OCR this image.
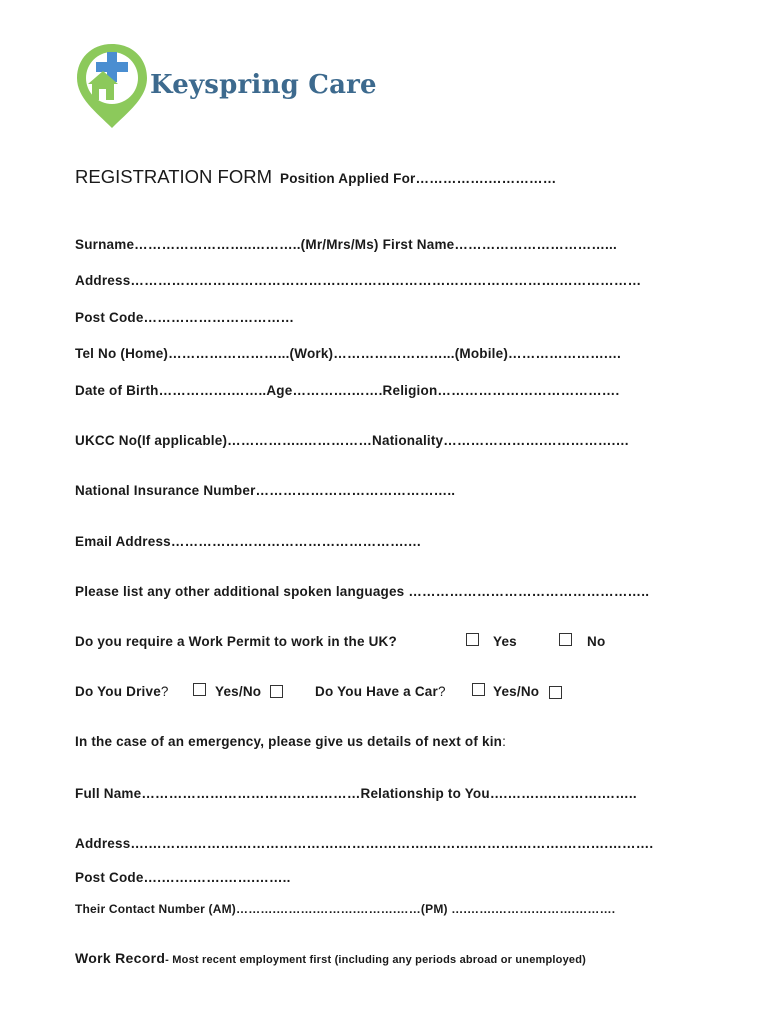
Keyspring Care
REGISTRATION FORM Position Applied For…………….……………
Surname……………………..………..(Mr/Mrs/Ms) First Name……………………………...
Address………………………………………………………………………………….………………
Post Code……………………………
Tel No (Home)……………………...(Work)……………………...(Mobile)………………….…
Date of Birth…………….……..Age………….…….Religion………………………………….
UKCC No(If applicable)……………..……………Nationality………………….…………….…
National Insurance Number……………………………………..
Email Address…………………………………………….…
Please list any other additional spoken languages ……………………………………………..
Do you require a Work Permit to work in the UK?	Yes	No
Do You Drive?	Yes/No	Do You Have a Car?	Yes/No
In the case of an emergency, please give us details of next of kin:
Full Name…………………………………………Relationship to You….…….….……….……..
Address….……….……….………………….……….……….……….……….……….……….……….
Post Code….…….…….…….……..
Their Contact Number (AM)……….……….……….……….……(PM) ….…….……….……….……….
Work Record- Most recent employment first (including any periods abroad or unemployed)
